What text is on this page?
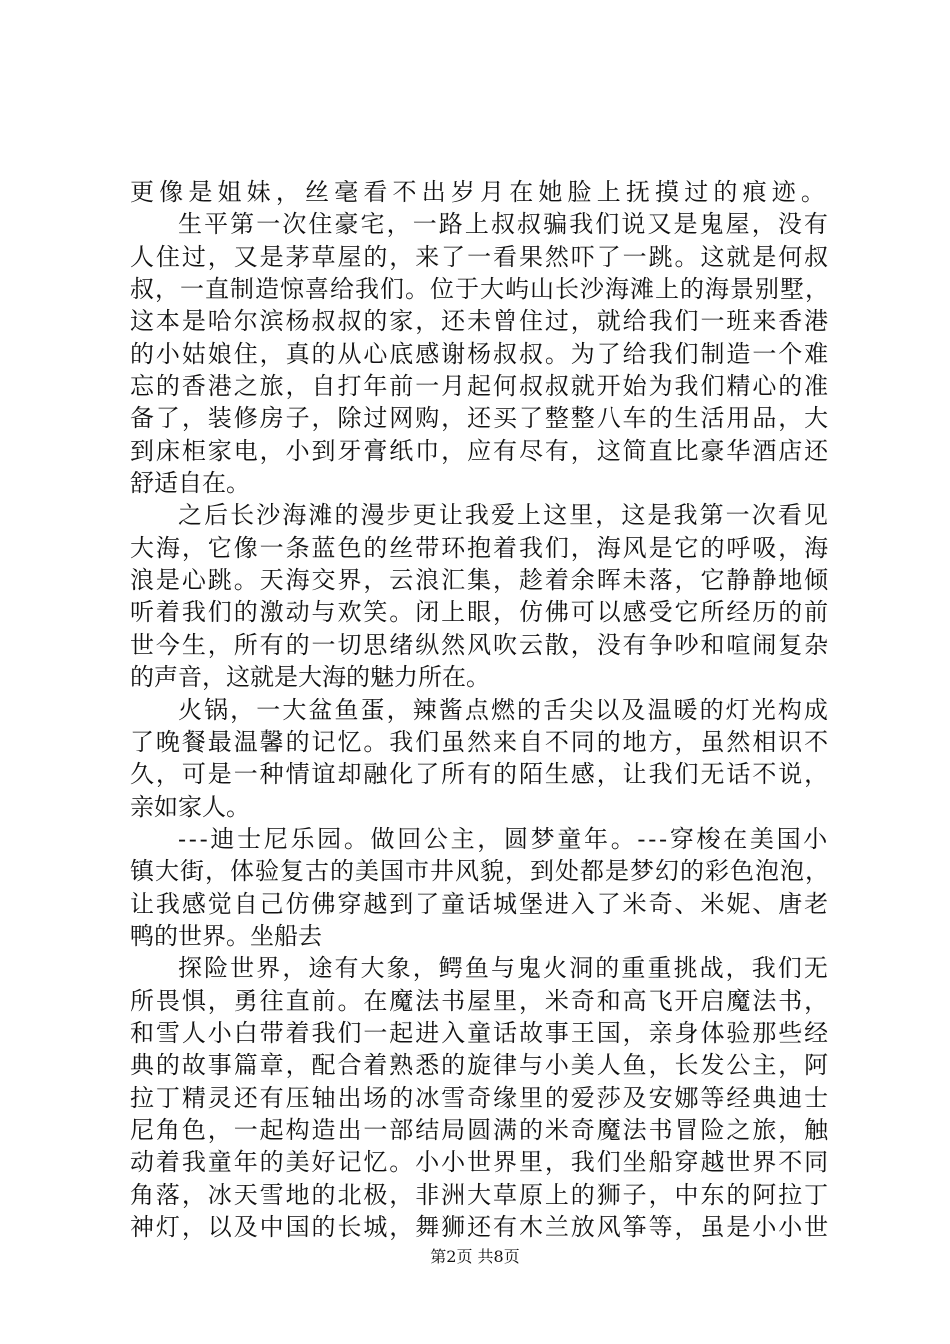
更像是姐妹，丝毫看不出岁月在她脸上抚摸过的痕迹。
生平第一次住豪宅，一路上叔叔骗我们说又是鬼屋，没有
人住过，又是茅草屋的，来了一看果然吓了一跳。这就是何叔
叔，一直制造惊喜给我们。位于大屿山长沙海滩上的海景别墅，
这本是哈尔滨杨叔叔的家，还未曾住过，就给我们一班来香港
的小姑娘住，真的从心底感谢杨叔叔。为了给我们制造一个难
忘的香港之旅，自打年前一月起何叔叔就开始为我们精心的准
备了，装修房子，除过网购，还买了整整八车的生活用品，大
到床柜家电，小到牙膏纸巾，应有尽有，这简直比豪华酒店还
舒适自在。
之后长沙海滩的漫步更让我爱上这里，这是我第一次看见
大海，它像一条蓝色的丝带环抱着我们，海风是它的呼吸，海
浪是心跳。天海交界，云浪汇集，趁着余晖未落，它静静地倾
听着我们的激动与欢笑。闭上眼，仿佛可以感受它所经历的前
世今生，所有的一切思绪纵然风吹云散，没有争吵和喧闹复杂
的声音，这就是大海的魅力所在。
火锅，一大盆鱼蛋，辣酱点燃的舌尖以及温暖的灯光构成
了晚餐最温馨的记忆。我们虽然来自不同的地方，虽然相识不
久，可是一种情谊却融化了所有的陌生感，让我们无话不说，
亲如家人。
---迪士尼乐园。做回公主，圆梦童年。---穿梭在美国小
镇大街，体验复古的美国市井风貌，到处都是梦幻的彩色泡泡，
让我感觉自己仿佛穿越到了童话城堡进入了米奇、米妮、唐老
鸭的世界。坐船去
探险世界，途有大象，鳄鱼与鬼火洞的重重挑战，我们无
所畏惧，勇往直前。在魔法书屋里，米奇和高飞开启魔法书，
和雪人小白带着我们一起进入童话故事王国，亲身体验那些经
典的故事篇章，配合着熟悉的旋律与小美人鱼，长发公主，阿
拉丁精灵还有压轴出场的冰雪奇缘里的爱莎及安娜等经典迪士
尼角色，一起构造出一部结局圆满的米奇魔法书冒险之旅，触
动着我童年的美好记忆。小小世界里，我们坐船穿越世界不同
角落，冰天雪地的北极，非洲大草原上的狮子，中东的阿拉丁
神灯，以及中国的长城，舞狮还有木兰放风筝等，虽是小小世
第2页 共8页
